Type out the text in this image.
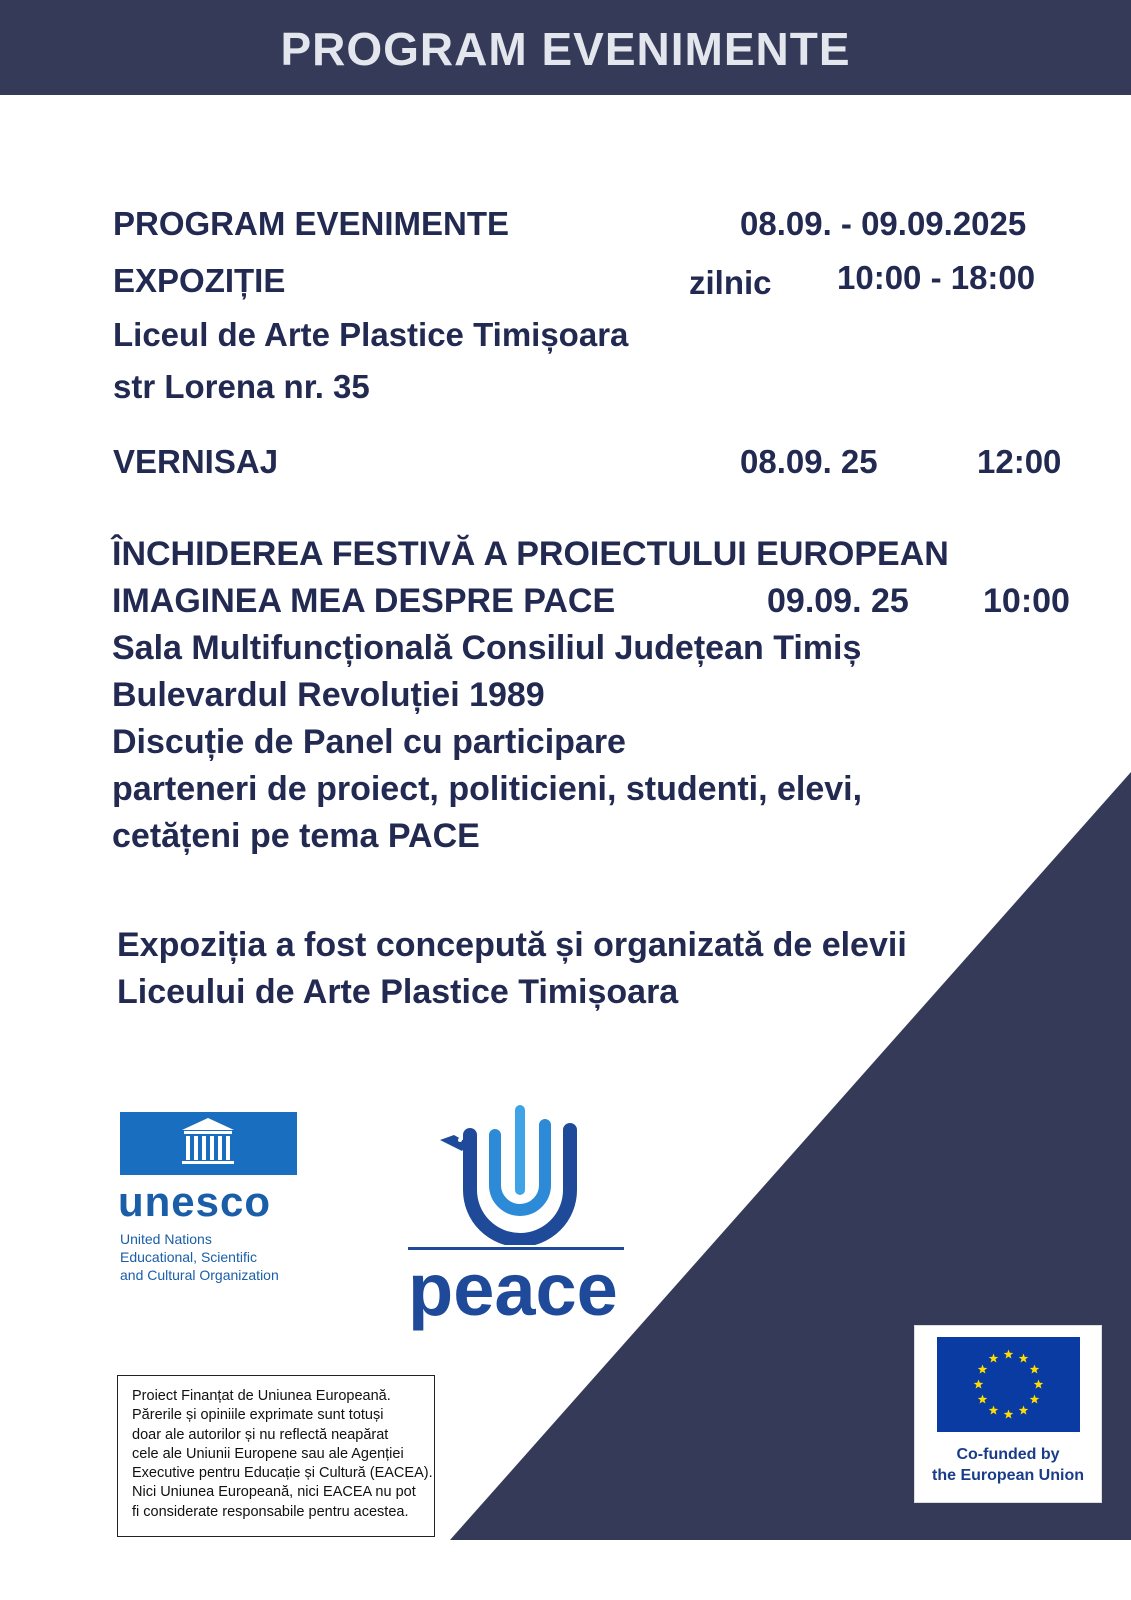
PROGRAM EVENIMENTE
PROGRAM EVENIMENTE	08.09. - 09.09.2025
EXPOZIȚIE	zilnic 10:00 - 18:00
Liceul de Arte Plastice Timișoara
str Lorena nr. 35
VERNISAJ	08.09. 25	12:00
ÎNCHIDEREA FESTIVĂ A PROIECTULUI EUROPEAN
IMAGINEA MEA DESPRE PACE	09.09. 25 10:00
Sala Multifuncțională Consiliul Județean Timiș
Bulevardul Revoluției 1989
Discuție de Panel cu participare
parteneri de proiect, politicieni, studenti, elevi,
cetățeni pe tema PACE
Expoziția a fost concepută și organizată de elevii
Liceului de Arte Plastice Timișoara
unesco
United Nations
Educational, Scientific
and Cultural Organization peace
Proiect Finanțat de Uniunea Europeană.
Părerile și opiniile exprimate sunt totuși
doar ale autorilor și nu reflectă neapărat
cele ale Uniunii Europene sau ale Agenției
Executive pentru Educație și Cultură (EACEA).
Nici Uniunea Europeană, nici EACEA nu pot
fi considerate responsabile pentru acestea.
Co-funded by
the European Union
